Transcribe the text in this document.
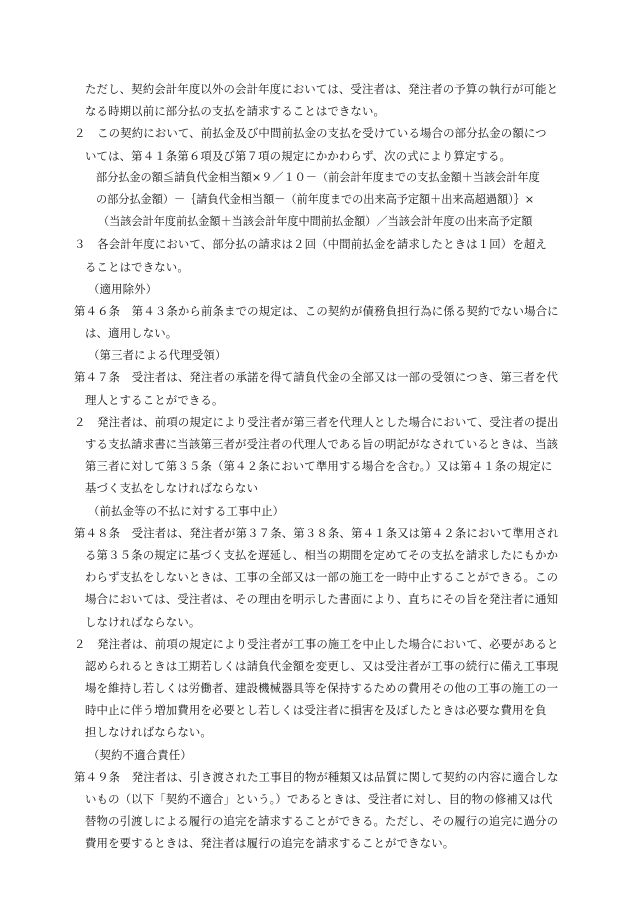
ただし、契約会計年度以外の会計年度においては、受注者は、発注者の予算の執行が可能と
なる時期以前に部分払の支払を請求することはできない。
２　この契約において、前払金及び中間前払金の支払を受けている場合の部分払金の額につ
いては、第４１条第６項及び第７項の規定にかかわらず、次の式により算定する。
部分払金の額≦請負代金相当額×９／１０－（前会計年度までの支払金額＋当該会計年度
の部分払金額）－｛請負代金相当額－（前年度までの出来高予定額＋出来高超過額）｝×
（当該会計年度前払金額＋当該会計年度中間前払金額）／当該会計年度の出来高予定額
３　各会計年度において、部分払の請求は２回（中間前払金を請求したときは１回）を超え
ることはできない。
（適用除外）
第４６条　第４３条から前条までの規定は、この契約が債務負担行為に係る契約でない場合に
は、適用しない。
（第三者による代理受領）
第４７条　受注者は、発注者の承諾を得て請負代金の全部又は一部の受領につき、第三者を代
理人とすることができる。
２　発注者は、前項の規定により受注者が第三者を代理人とした場合において、受注者の提出
する支払請求書に当該第三者が受注者の代理人である旨の明記がなされているときは、当該
第三者に対して第３５条（第４２条において準用する場合を含む。）又は第４１条の規定に
基づく支払をしなければならない
（前払金等の不払に対する工事中止）
第４８条　受注者は、発注者が第３７条、第３８条、第４１条又は第４２条において準用され
る第３５条の規定に基づく支払を遅延し、相当の期間を定めてその支払を請求したにもかか
わらず支払をしないときは、工事の全部又は一部の施工を一時中止することができる。この
場合においては、受注者は、その理由を明示した書面により、直ちにその旨を発注者に通知
しなければならない。
２　発注者は、前項の規定により受注者が工事の施工を中止した場合において、必要があると
認められるときは工期若しくは請負代金額を変更し、又は受注者が工事の続行に備え工事現
場を維持し若しくは労働者、建設機械器具等を保持するための費用その他の工事の施工の一
時中止に伴う増加費用を必要とし若しくは受注者に損害を及ぼしたときは必要な費用を負
担しなければならない。
（契約不適合責任）
第４９条　発注者は、引き渡された工事目的物が種類又は品質に関して契約の内容に適合しな
いもの（以下「契約不適合」という。）であるときは、受注者に対し、目的物の修補又は代
替物の引渡しによる履行の追完を請求することができる。ただし、その履行の追完に過分の
費用を要するときは、発注者は履行の追完を請求することができない。
